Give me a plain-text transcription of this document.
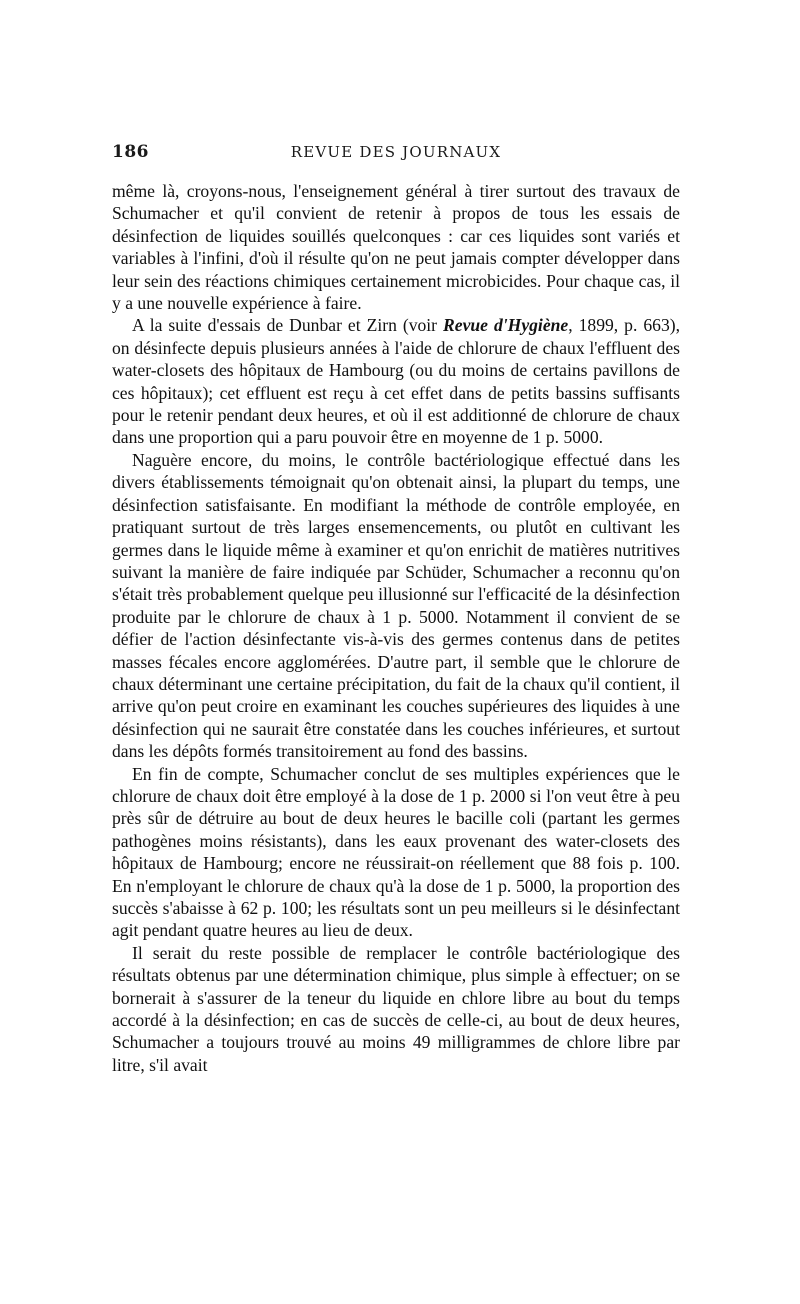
186	REVUE DES JOURNAUX

même là, croyons-nous, l'enseignement général à tirer surtout des travaux de Schumacher et qu'il convient de retenir à propos de tous les essais de désinfection de liquides souillés quelconques : car ces liquides sont variés et variables à l'infini, d'où il résulte qu'on ne peut jamais compter développer dans leur sein des réactions chimiques certainement microbicides. Pour chaque cas, il y a une nouvelle expérience à faire.

A la suite d'essais de Dunbar et Zirn (voir Revue d'Hygiène, 1899, p. 663), on désinfecte depuis plusieurs années à l'aide de chlorure de chaux l'effluent des water-closets des hôpitaux de Hambourg (ou du moins de certains pavillons de ces hôpitaux); cet effluent est reçu à cet effet dans de petits bassins suffisants pour le retenir pendant deux heures, et où il est additionné de chlorure de chaux dans une proportion qui a paru pouvoir être en moyenne de 1 p. 5000.

Naguère encore, du moins, le contrôle bactériologique effectué dans les divers établissements témoignait qu'on obtenait ainsi, la plupart du temps, une désinfection satisfaisante. En modifiant la méthode de contrôle employée, en pratiquant surtout de très larges ensemencements, ou plutôt en cultivant les germes dans le liquide même à examiner et qu'on enrichit de matières nutritives suivant la manière de faire indiquée par Schüder, Schumacher a reconnu qu'on s'était très probablement quelque peu illusionné sur l'efficacité de la désinfection produite par le chlorure de chaux à 1 p. 5000. Notamment il convient de se défier de l'action désinfectante vis-à-vis des germes contenus dans de petites masses fécales encore agglomérées. D'autre part, il semble que le chlorure de chaux déterminant une certaine précipitation, du fait de la chaux qu'il contient, il arrive qu'on peut croire en examinant les couches supérieures des liquides à une désinfection qui ne saurait être constatée dans les couches inférieures, et surtout dans les dépôts formés transitoirement au fond des bassins.

En fin de compte, Schumacher conclut de ses multiples expériences que le chlorure de chaux doit être employé à la dose de 1 p. 2000 si l'on veut être à peu près sûr de détruire au bout de deux heures le bacille coli (partant les germes pathogènes moins résistants), dans les eaux provenant des water-closets des hôpitaux de Hambourg; encore ne réussirait-on réellement que 88 fois p. 100. En n'employant le chlorure de chaux qu'à la dose de 1 p. 5000, la proportion des succès s'abaisse à 62 p. 100; les résultats sont un peu meilleurs si le désinfectant agit pendant quatre heures au lieu de deux.

Il serait du reste possible de remplacer le contrôle bactériologique des résultats obtenus par une détermination chimique, plus simple à effectuer; on se bornerait à s'assurer de la teneur du liquide en chlore libre au bout du temps accordé à la désinfection; en cas de succès de celle-ci, au bout de deux heures, Schumacher a toujours trouvé au moins 49 milligrammes de chlore libre par litre, s'il avait
